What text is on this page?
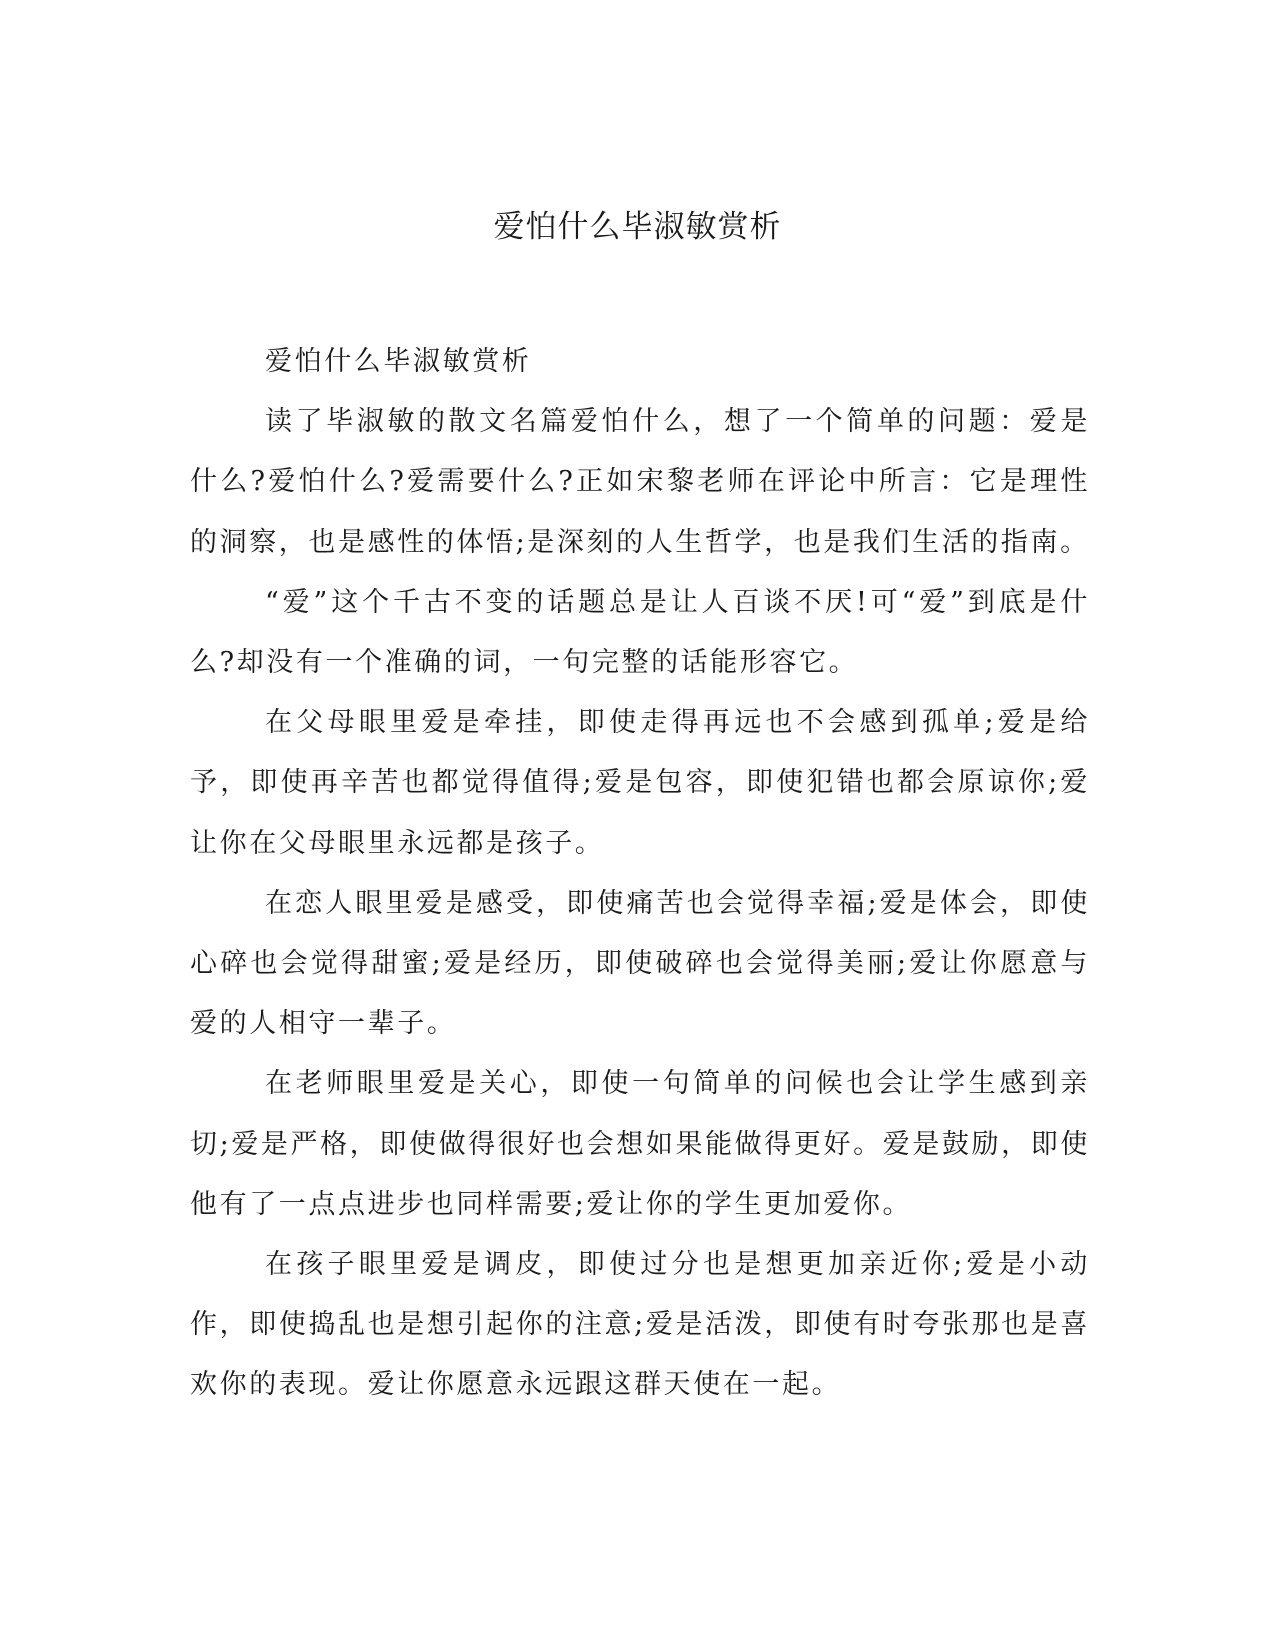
爱怕什么毕淑敏赏析

爱怕什么毕淑敏赏析

读了毕淑敏的散文名篇爱怕什么，想了一个简单的问题：爱是什么?爱怕什么?爱需要什么?正如宋黎老师在评论中所言：它是理性的洞察，也是感性的体悟;是深刻的人生哲学，也是我们生活的指南。

“爱”这个千古不变的话题总是让人百谈不厌!可“爱”到底是什么?却没有一个准确的词，一句完整的话能形容它。

在父母眼里爱是牵挂，即使走得再远也不会感到孤单;爱是给予，即使再辛苦也都觉得值得;爱是包容，即使犯错也都会原谅你;爱让你在父母眼里永远都是孩子。

在恋人眼里爱是感受，即使痛苦也会觉得幸福;爱是体会，即使心碎也会觉得甜蜜;爱是经历，即使破碎也会觉得美丽;爱让你愿意与爱的人相守一辈子。

在老师眼里爱是关心，即使一句简单的问候也会让学生感到亲切;爱是严格，即使做得很好也会想如果能做得更好。爱是鼓励，即使他有了一点点进步也同样需要;爱让你的学生更加爱你。

在孩子眼里爱是调皮，即使过分也是想更加亲近你;爱是小动作，即使捣乱也是想引起你的注意;爱是活泼，即使有时夸张那也是喜欢你的表现。爱让你愿意永远跟这群天使在一起。
